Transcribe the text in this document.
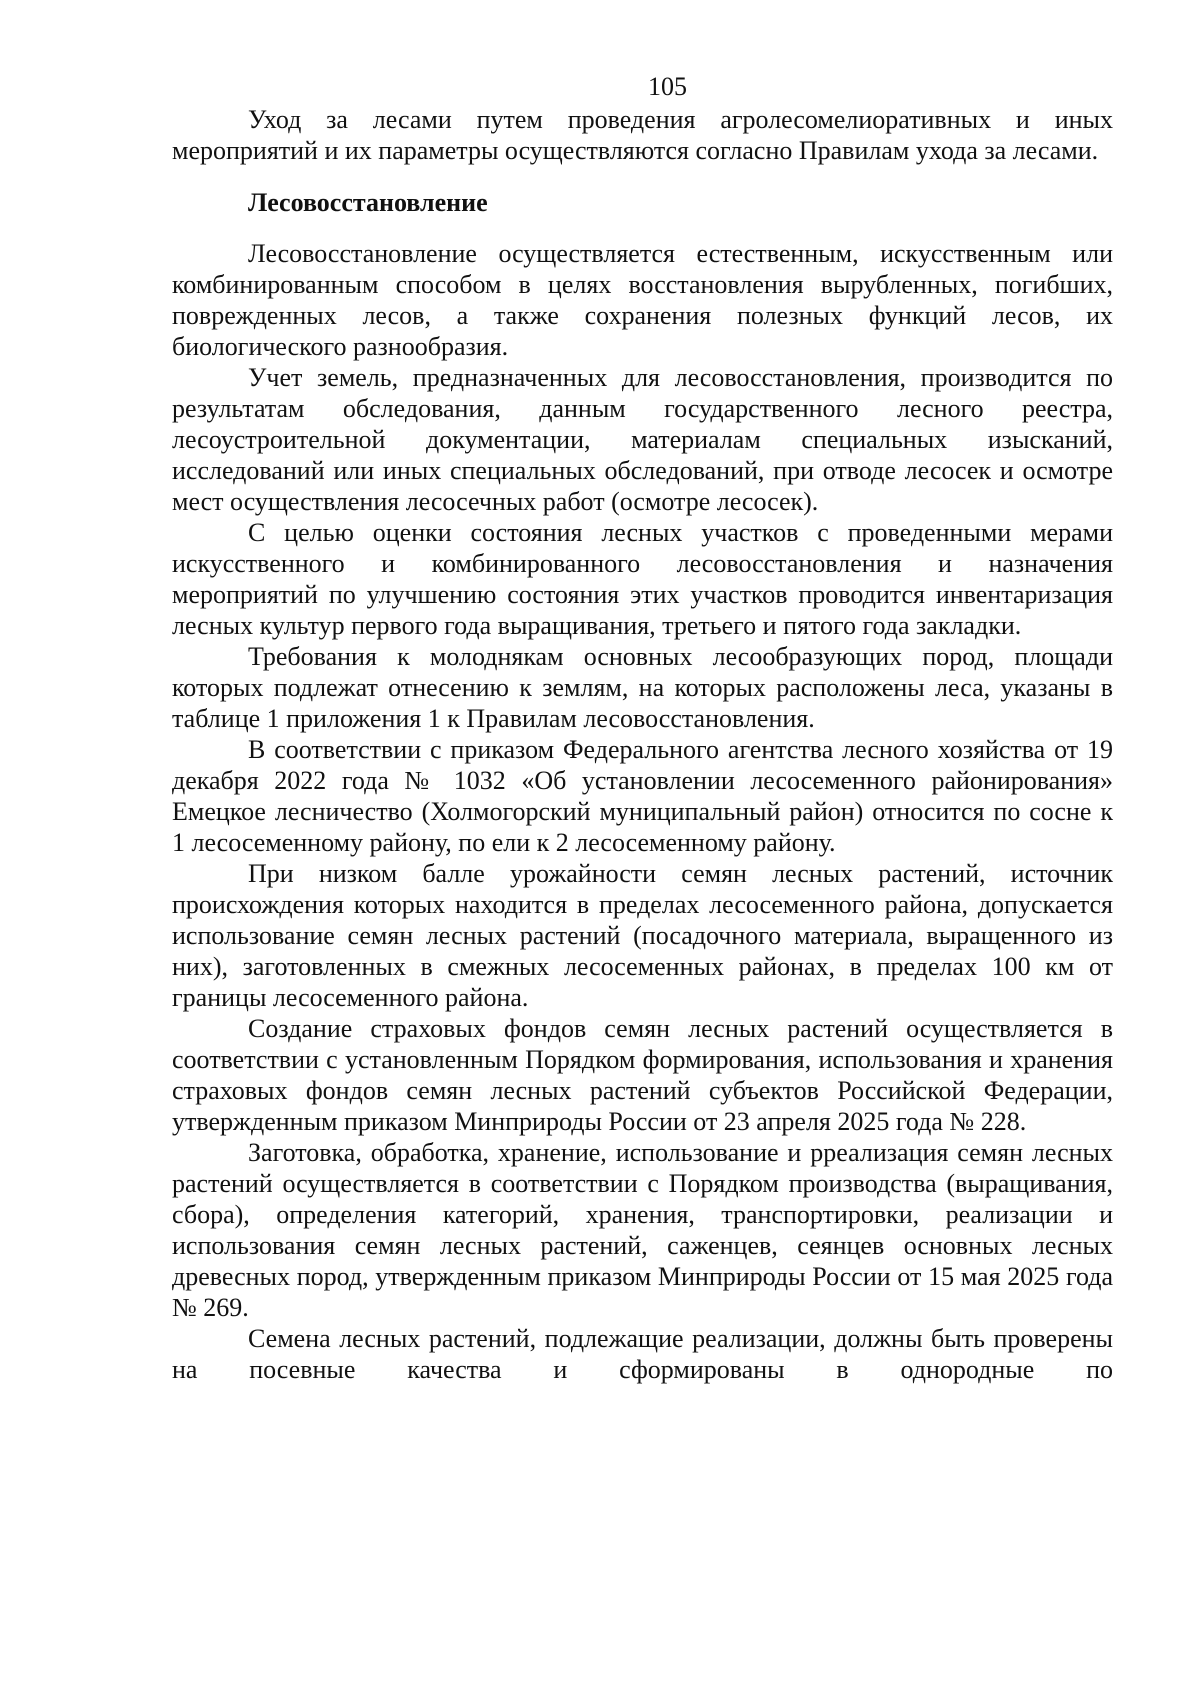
105

Уход за лесами путем проведения агролесомелиоративных и иных мероприятий и их параметры осуществляются согласно Правилам ухода за лесами.

Лесовосстановление

Лесовосстановление осуществляется естественным, искусственным или комбинированным способом в целях восстановления вырубленных, погибших, поврежденных лесов, а также сохранения полезных функций лесов, их биологического разнообразия.

Учет земель, предназначенных для лесовосстановления, производится по результатам обследования, данным государственного лесного реестра, лесоустроительной документации, материалам специальных изысканий, исследований или иных специальных обследований, при отводе лесосек и осмотре мест осуществления лесосечных работ (осмотре лесосек).

С целью оценки состояния лесных участков с проведенными мерами искусственного и комбинированного лесовосстановления и назначения мероприятий по улучшению состояния этих участков проводится инвентаризация лесных культур первого года выращивания, третьего и пятого года закладки.

Требования к молоднякам основных лесообразующих пород, площади которых подлежат отнесению к землям, на которых расположены леса, указаны в таблице 1 приложения 1 к Правилам лесовосстановления.

В соответствии с приказом Федерального агентства лесного хозяйства от 19 декабря 2022 года № 1032 «Об установлении лесосеменного районирования» Емецкое лесничество (Холмогорский муниципальный район) относится по сосне к 1 лесосеменному району, по ели к 2 лесосеменному району.

При низком балле урожайности семян лесных растений, источник происхождения которых находится в пределах лесосеменного района, допускается использование семян лесных растений (посадочного материала, выращенного из них), заготовленных в смежных лесосеменных районах, в пределах 100 км от границы лесосеменного района.

Создание страховых фондов семян лесных растений осуществляется в соответствии с установленным Порядком формирования, использования и хранения страховых фондов семян лесных растений субъектов Российской Федерации, утвержденным приказом Минприроды России от 23 апреля 2025 года № 228.

Заготовка, обработка, хранение, использование и рреализация семян лесных растений осуществляется в соответствии с Порядком производства (выращивания, сбора), определения категорий, хранения, транспортировки, реализации и использования семян лесных растений, саженцев, сеянцев основных лесных древесных пород, утвержденным приказом Минприроды России от 15 мая 2025 года № 269.

Семена лесных растений, подлежащие реализации, должны быть проверены на посевные качества и сформированы в однородные по
